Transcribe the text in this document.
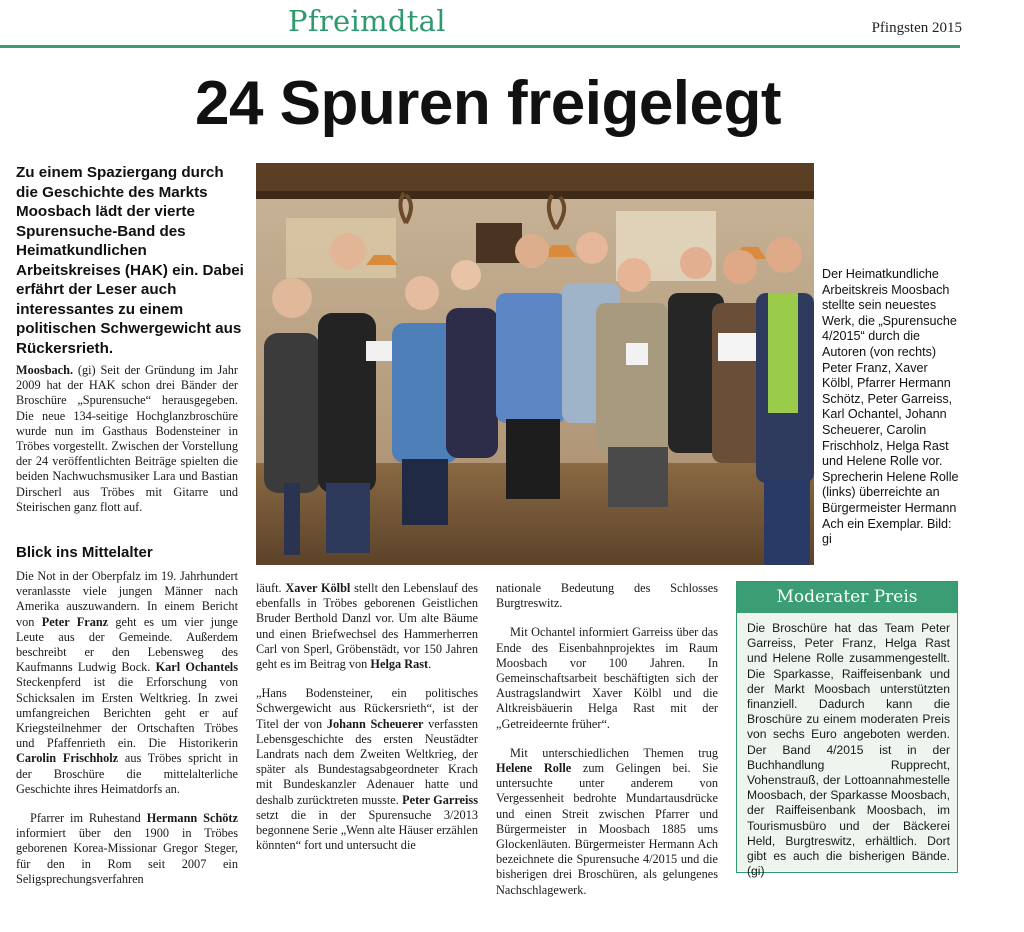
Pfreimdtal	Pfingsten 2015
24 Spuren freigelegt
Zu einem Spaziergang durch die Geschichte des Markts Moosbach lädt der vierte Spurensuche-Band des Heimatkundlichen Arbeitskreises (HAK) ein. Dabei erfährt der Leser auch interessantes zu einem politischen Schwergewicht aus Rückersrieth.

Moosbach. (gi) Seit der Gründung im Jahr 2009 hat der HAK schon drei Bänder der Broschüre „Spurensuche“ herausgegeben. Die neue 134-seitige Hochglanzbroschüre wurde nun im Gasthaus Bodensteiner in Tröbes vorgestellt. Zwischen der Vorstellung der 24 veröffentlichten Beiträge spielten die beiden Nachwuchsmusiker Lara und Bastian Dirscherl aus Tröbes mit Gitarre und Steirischen ganz flott auf.

Blick ins Mittelalter

Die Not in der Oberpfalz im 19. Jahrhundert veranlasste viele jungen Männer nach Amerika auszuwandern. In einem Bericht von Peter Franz geht es um vier junge Leute aus der Gemeinde. Außerdem beschreibt er den Lebensweg des Kaufmanns Ludwig Bock. Karl Ochantels Steckenpferd ist die Erforschung von Schicksalen im Ersten Weltkrieg. In zwei umfangreichen Berichten geht er auf Kriegsteilnehmer der Ortschaften Tröbes und Pfaffenrieth ein. Die Historikerin Carolin Frischholz aus Tröbes spricht in der Broschüre die mittelalterliche Geschichte ihres Heimatdorfs an.

Pfarrer im Ruhestand Hermann Schötz informiert über den 1900 in Tröbes geborenen Korea-Missionar Gregor Steger, für den in Rom seit 2007 ein Seligsprechungsverfahren

läuft. Xaver Kölbl stellt den Lebenslauf des ebenfalls in Tröbes geborenen Geistlichen Bruder Berthold Danzl vor. Um alte Bäume und einen Briefwechsel des Hammerherren Carl von Sperl, Gröbenstädt, vor 150 Jahren geht es im Beitrag von Helga Rast.

„Hans Bodensteiner, ein politisches Schwergewicht aus Rückersrieth“, ist der Titel der von Johann Scheuerer verfassten Lebensgeschichte des ersten Neustädter Landrats nach dem Zweiten Weltkrieg, der später als Bundestagsabgeordneter Krach mit Bundeskanzler Adenauer hatte und deshalb zurücktreten musste. Peter Garreiss setzt die in der Spurensuche 3/2013 begonnene Serie „Wenn alte Häuser erzählen könnten“ fort und untersucht die

nationale Bedeutung des Schlosses Burgtreswitz.

Mit Ochantel informiert Garreiss über das Ende des Eisenbahnprojektes im Raum Moosbach vor 100 Jahren. In Gemeinschaftsarbeit beschäftigten sich der Austragslandwirt Xaver Kölbl und die Altkreisbäuerin Helga Rast mit der „Getreideernte früher“.

Mit unterschiedlichen Themen trug Helene Rolle zum Gelingen bei. Sie untersuchte unter anderem von Vergessenheit bedrohte Mundartausdrücke und einen Streit zwischen Pfarrer und Bürgermeister in Moosbach 1885 ums Glockenläuten. Bürgermeister Hermann Ach bezeichnete die Spurensuche 4/2015 und die bisherigen drei Broschüren, als gelungenes Nachschlagewerk.

Der Heimatkundliche Arbeitskreis Moosbach stellte sein neuestes Werk, die „Spurensuche 4/2015“ durch die Autoren (von rechts) Peter Franz, Xaver Kölbl, Pfarrer Hermann Schötz, Peter Garreiss, Karl Ochantel, Johann Scheuerer, Carolin Frischholz, Helga Rast und Helene Rolle vor. Sprecherin Helene Rolle (links) überreichte an Bürgermeister Hermann Ach ein Exemplar. Bild: gi
Moderater Preis
Die Broschüre hat das Team Peter Garreiss, Peter Franz, Helga Rast und Helene Rolle zusammengestellt. Die Sparkasse, Raiffeisenbank und der Markt Moosbach unterstützten finanziell. Dadurch kann die Broschüre zu einem moderaten Preis von sechs Euro angeboten werden. Der Band 4/2015 ist in der Buchhandlung Rupprecht, Vohenstrauß, der Lottoannahmestelle Moosbach, der Sparkasse Moosbach, der Raiffeisenbank Moosbach, im Tourismusbüro und der Bäckerei Held, Burgtreswitz, erhältlich. Dort gibt es auch die bisherigen Bände. (gi)
